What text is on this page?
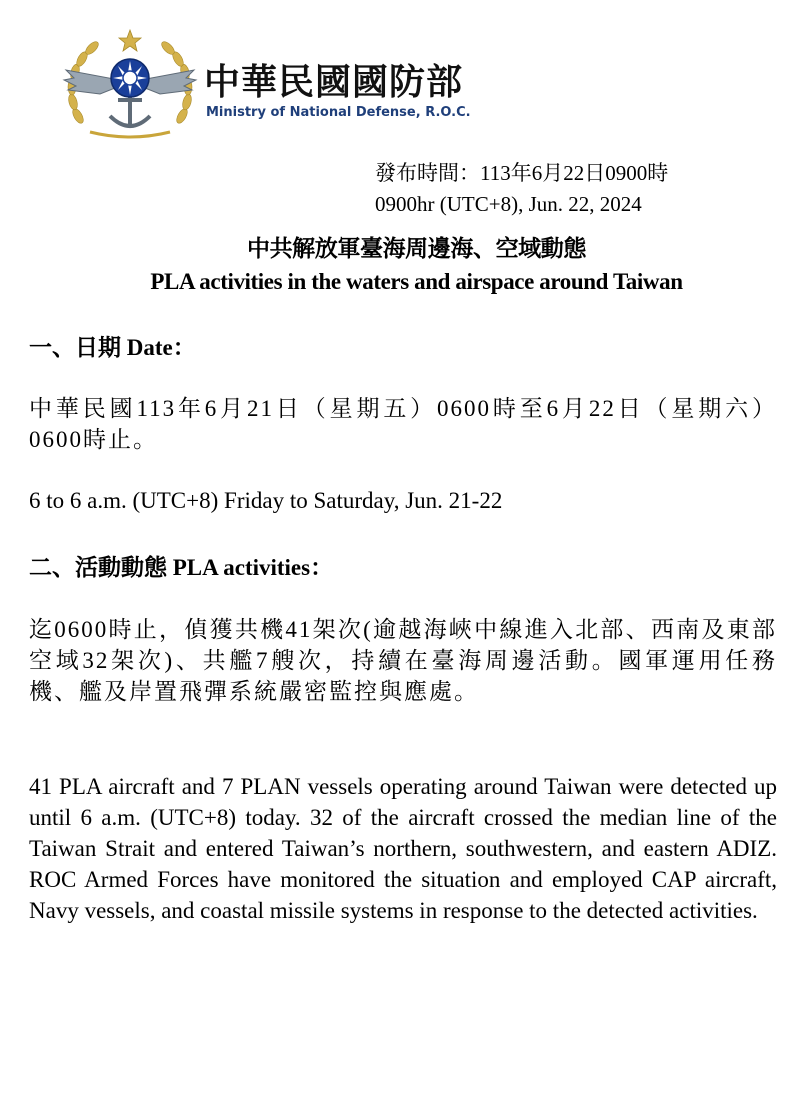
中華民國國防部
Ministry of National Defense, R.O.C.
發布時間：113年6月22日0900時
0900hr (UTC+8), Jun. 22, 2024
中共解放軍臺海周邊海、空域動態
PLA activities in the waters and airspace around Taiwan
一、日期 Date：
中華民國113年6月21日（星期五）0600時至6月22日（星期六）0600時止。
6 to 6 a.m. (UTC+8) Friday to Saturday, Jun. 21-22
二、活動動態 PLA activities：
迄0600時止，偵獲共機41架次(逾越海峽中線進入北部、西南及東部空域32架次)、共艦7艘次，持續在臺海周邊活動。國軍運用任務機、艦及岸置飛彈系統嚴密監控與應處。
41 PLA aircraft and 7 PLAN vessels operating around Taiwan were detected up until 6 a.m. (UTC+8) today. 32 of the aircraft crossed the median line of the Taiwan Strait and entered Taiwan’s northern, southwestern, and eastern ADIZ. ROC Armed Forces have monitored the situation and employed CAP aircraft, Navy vessels, and coastal missile systems in response to the detected activities.
